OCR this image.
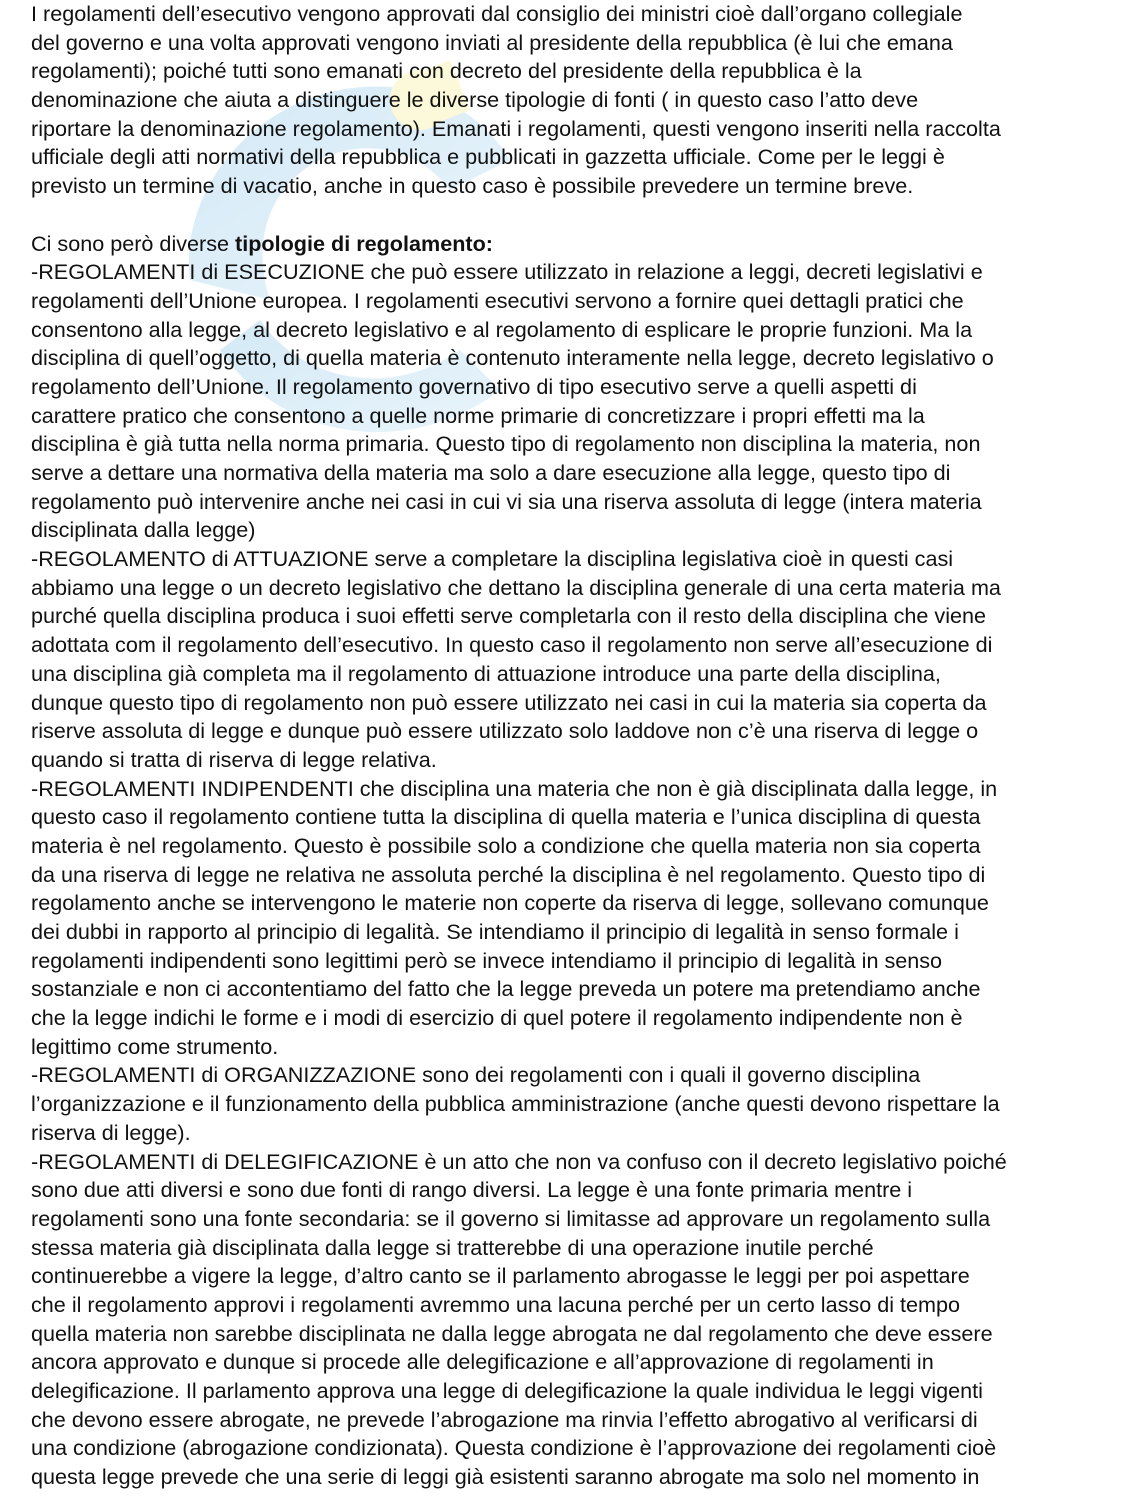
I regolamenti dell’esecutivo vengono approvati dal consiglio dei ministri cioè dall’organo collegiale
del governo e una volta approvati vengono inviati al presidente della repubblica (è lui che emana
regolamenti); poiché tutti sono emanati con decreto del presidente della repubblica è la
denominazione che aiuta a distinguere le diverse tipologie di fonti ( in questo caso l’atto deve
riportare la denominazione regolamento). Emanati i regolamenti, questi vengono inseriti nella raccolta
ufficiale degli atti normativi della repubblica e pubblicati in gazzetta ufficiale. Come per le leggi è
previsto un termine di vacatio, anche in questo caso è possibile prevedere un termine breve.
Ci sono però diverse tipologie di regolamento:
-REGOLAMENTI di ESECUZIONE che può essere utilizzato in relazione a leggi, decreti legislativi e
regolamenti dell’Unione europea. I regolamenti esecutivi servono a fornire quei dettagli pratici che
consentono alla legge, al decreto legislativo e al regolamento di esplicare le proprie funzioni. Ma la
disciplina di quell’oggetto, di quella materia è contenuto interamente nella legge, decreto legislativo o
regolamento dell’Unione. Il regolamento governativo di tipo esecutivo serve a quelli aspetti di
carattere pratico che consentono a quelle norme primarie di concretizzare i propri effetti ma la
disciplina è già tutta nella norma primaria. Questo tipo di regolamento non disciplina la materia, non
serve a dettare una normativa della materia ma solo a dare esecuzione alla legge, questo tipo di
regolamento può intervenire anche nei casi in cui vi sia una riserva assoluta di legge (intera materia
disciplinata dalla legge)
-REGOLAMENTO di ATTUAZIONE serve a completare la disciplina legislativa cioè in questi casi
abbiamo una legge o un decreto legislativo che dettano la disciplina generale di una certa materia ma
purché quella disciplina produca i suoi effetti serve completarla con il resto della disciplina che viene
adottata com il regolamento dell’esecutivo. In questo caso il regolamento non serve all’esecuzione di
una disciplina già completa ma il regolamento di attuazione introduce una parte della disciplina,
dunque questo tipo di regolamento non può essere utilizzato nei casi in cui la materia sia coperta da
riserve assoluta di legge e dunque può essere utilizzato solo laddove non c’è una riserva di legge o
quando si tratta di riserva di legge relativa.
-REGOLAMENTI INDIPENDENTI che disciplina una materia che non è già disciplinata dalla legge, in
questo caso il regolamento contiene tutta la disciplina di quella materia e l’unica disciplina di questa
materia è nel regolamento. Questo è possibile solo a condizione che quella materia non sia coperta
da una riserva di legge ne relativa ne assoluta perché la disciplina è nel regolamento. Questo tipo di
regolamento anche se intervengono le materie non coperte da riserva di legge, sollevano comunque
dei dubbi in rapporto al principio di legalità. Se intendiamo il principio di legalità in senso formale i
regolamenti indipendenti sono legittimi però se invece intendiamo il principio di legalità in senso
sostanziale e non ci accontentiamo del fatto che la legge preveda un potere ma pretendiamo anche
che la legge indichi le forme e i modi di esercizio di quel potere il regolamento indipendente non è
legittimo come strumento.
-REGOLAMENTI di ORGANIZZAZIONE sono dei regolamenti con i quali il governo disciplina
l’organizzazione e il funzionamento della pubblica amministrazione (anche questi devono rispettare la
riserva di legge).
-REGOLAMENTI di DELEGIFICAZIONE è un atto che non va confuso con il decreto legislativo poiché
sono due atti diversi e sono due fonti di rango diversi. La legge è una fonte primaria mentre i
regolamenti sono una fonte secondaria: se il governo si limitasse ad approvare un regolamento sulla
stessa materia già disciplinata dalla legge si tratterebbe di una operazione inutile perché
continuerebbe a vigere la legge, d’altro canto se il parlamento abrogasse le leggi per poi aspettare
che il regolamento approvi i regolamenti avremmo una lacuna perché per un certo lasso di tempo
quella materia non sarebbe disciplinata ne dalla legge abrogata ne dal regolamento che deve essere
ancora approvato e dunque si procede alle delegificazione e all’approvazione di regolamenti in
delegificazione. Il parlamento approva una legge di delegificazione la quale individua le leggi vigenti
che devono essere abrogate, ne prevede l’abrogazione ma rinvia l’effetto abrogativo al verificarsi di
una condizione (abrogazione condizionata). Questa condizione è l’approvazione dei regolamenti cioè
questa legge prevede che una serie di leggi già esistenti saranno abrogate ma solo nel momento in
